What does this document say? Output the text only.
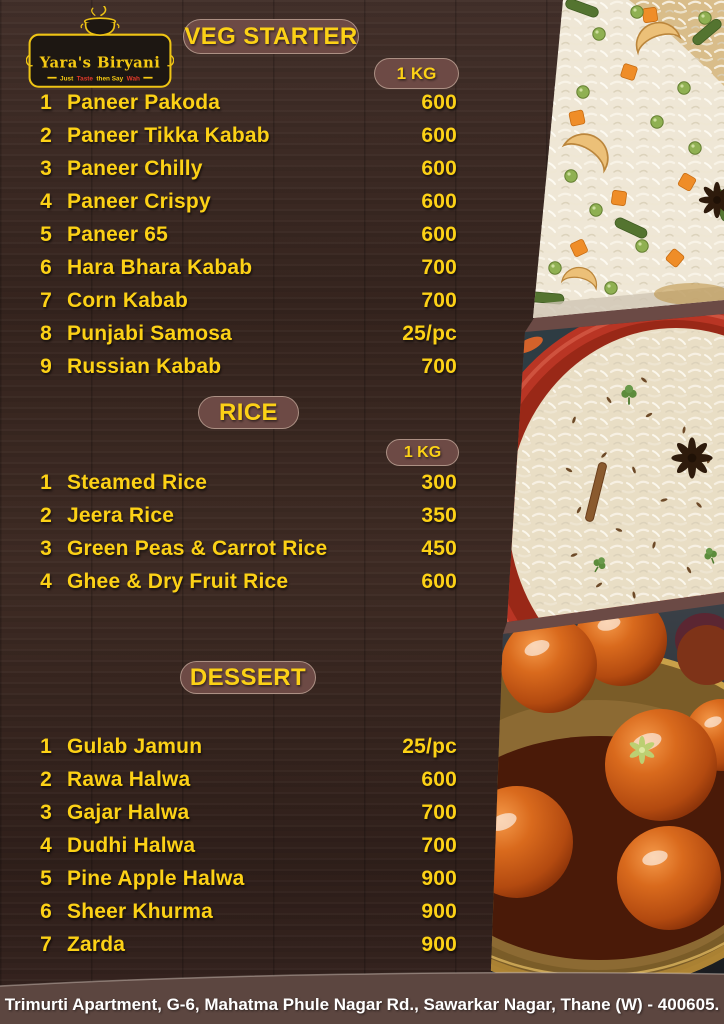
Yara's Biryani
Just Taste then Say Wah
VEG STARTER
1 KG
RICE
1 KG
DESSERT
1 Paneer Pakoda	600
2 Paneer Tikka Kabab	600
3 Paneer Chilly	600
4 Paneer Crispy	600
5 Paneer 65	600
6 Hara Bhara Kabab	700
7 Corn Kabab	700
8 Punjabi Samosa	25/pc
9 Russian Kabab	700
1 Steamed Rice	300
2 Jeera Rice	350
3 Green Peas & Carrot Rice	450
4 Ghee & Dry Fruit Rice	600
1 Gulab Jamun	25/pc
2 Rawa Halwa	600
3 Gajar Halwa	700
4 Dudhi Halwa	700
5 Pine Apple Halwa	900
6 Sheer Khurma	900
7 Zarda	900
Trimurti Apartment, G-6, Mahatma Phule Nagar Rd., Sawarkar Nagar, Thane (W) - 400605.
